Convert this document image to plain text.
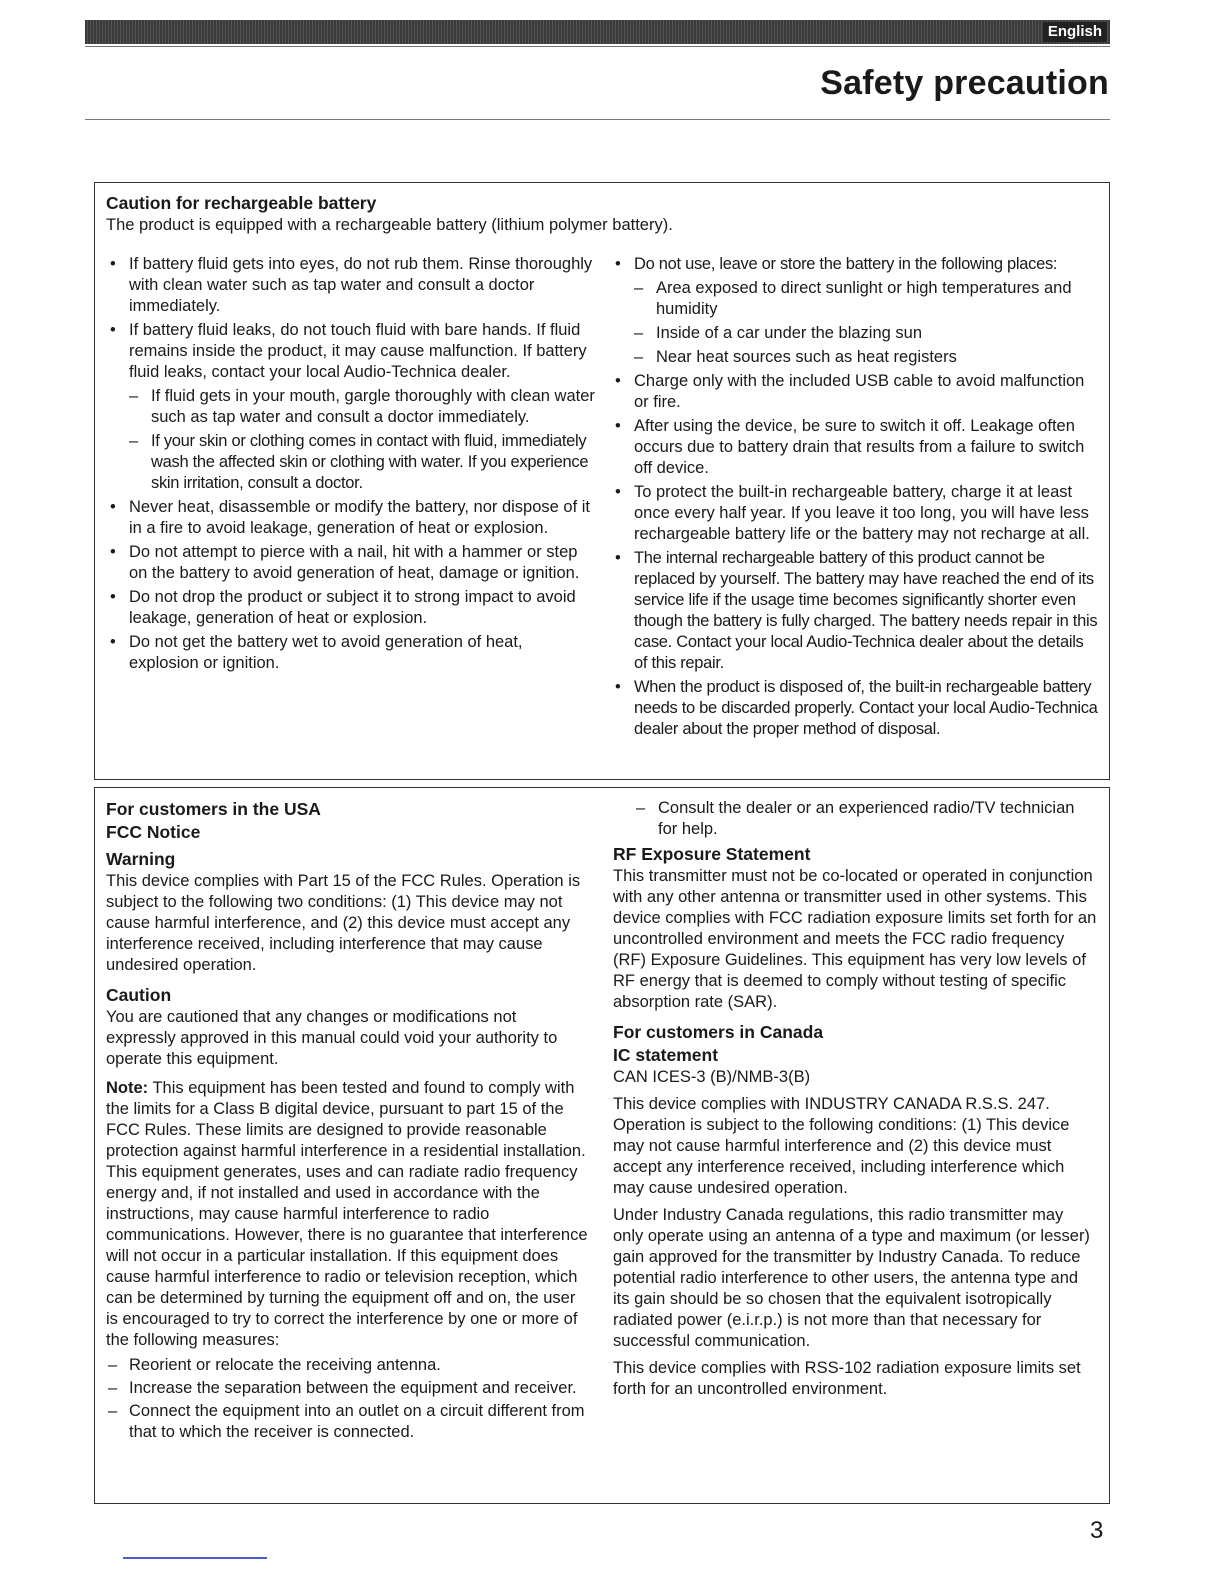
English
Safety precaution

Caution for rechargeable battery

The product is equipped with a rechargeable battery (lithium polymer battery).

• If battery fluid gets into eyes, do not rub them. Rinse thoroughly with clean water such as tap water and consult a doctor immediately.

• If battery fluid leaks, do not touch fluid with bare hands. If fluid remains inside the product, it may cause malfunction. If battery fluid leaks, contact your local Audio-Technica dealer.

– If fluid gets in your mouth, gargle thoroughly with clean water such as tap water and consult a doctor immediately.

– If your skin or clothing comes in contact with fluid, immediately wash the affected skin or clothing with water. If you experience skin irritation, consult a doctor.

• Never heat, disassemble or modify the battery, nor dispose of it in a fire to avoid leakage, generation of heat or explosion.

• Do not attempt to pierce with a nail, hit with a hammer or step on the battery to avoid generation of heat, damage or ignition.

• Do not drop the product or subject it to strong impact to avoid leakage, generation of heat or explosion.

• Do not get the battery wet to avoid generation of heat, explosion or ignition.

• Do not use, leave or store the battery in the following places:

– Area exposed to direct sunlight or high temperatures and humidity

– Inside of a car under the blazing sun

– Near heat sources such as heat registers

• Charge only with the included USB cable to avoid malfunction or fire.

• After using the device, be sure to switch it off. Leakage often occurs due to battery drain that results from a failure to switch off device.

• To protect the built-in rechargeable battery, charge it at least once every half year. If you leave it too long, you will have less rechargeable battery life or the battery may not recharge at all.

• The internal rechargeable battery of this product cannot be replaced by yourself. The battery may have reached the end of its service life if the usage time becomes significantly shorter even though the battery is fully charged. The battery needs repair in this case. Contact your local Audio-Technica dealer about the details of this repair.

• When the product is disposed of, the built-in rechargeable battery needs to be discarded properly. Contact your local Audio-Technica dealer about the proper method of disposal.

For customers in the USA

FCC Notice

Warning

This device complies with Part 15 of the FCC Rules. Operation is subject to the following two conditions: (1) This device may not cause harmful interference, and (2) this device must accept any interference received, including interference that may cause undesired operation.

Caution

You are cautioned that any changes or modifications not expressly approved in this manual could void your authority to operate this equipment.

Note: This equipment has been tested and found to comply with the limits for a Class B digital device, pursuant to part 15 of the FCC Rules. These limits are designed to provide reasonable protection against harmful interference in a residential installation. This equipment generates, uses and can radiate radio frequency energy and, if not installed and used in accordance with the instructions, may cause harmful interference to radio communications. However, there is no guarantee that interference will not occur in a particular installation. If this equipment does cause harmful interference to radio or television reception, which can be determined by turning the equipment off and on, the user is encouraged to try to correct the interference by one or more of the following measures:

– Reorient or relocate the receiving antenna.

– Increase the separation between the equipment and receiver.

– Connect the equipment into an outlet on a circuit different from that to which the receiver is connected.

– Consult the dealer or an experienced radio/TV technician for help.

RF Exposure Statement

This transmitter must not be co-located or operated in conjunction with any other antenna or transmitter used in other systems. This device complies with FCC radiation exposure limits set forth for an uncontrolled environment and meets the FCC radio frequency (RF) Exposure Guidelines. This equipment has very low levels of RF energy that is deemed to comply without testing of specific absorption rate (SAR).

For customers in Canada

IC statement

CAN ICES-3 (B)/NMB-3(B)

This device complies with INDUSTRY CANADA R.S.S. 247. Operation is subject to the following conditions: (1) This device may not cause harmful interference and (2) this device must accept any interference received, including interference which may cause undesired operation.

Under Industry Canada regulations, this radio transmitter may only operate using an antenna of a type and maximum (or lesser) gain approved for the transmitter by Industry Canada. To reduce potential radio interference to other users, the antenna type and its gain should be so chosen that the equivalent isotropically radiated power (e.i.r.p.) is not more than that necessary for successful communication.

This device complies with RSS-102 radiation exposure limits set forth for an uncontrolled environment.

3
